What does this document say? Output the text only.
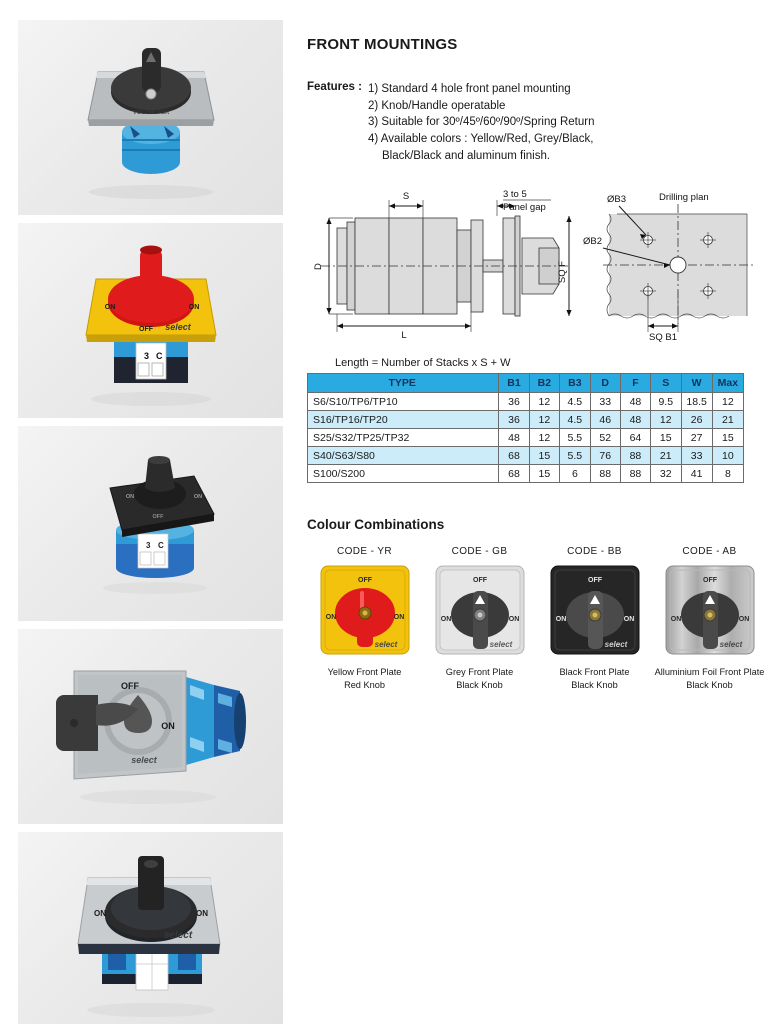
VOLTMETER
3 C
ON	ON
OFF select
3 C
ON	ON
OFF
OFF
ON
select
ON	ON
select
FRONT MOUNTINGS
Features : 1) Standard 4 hole front panel mounting
2) Knob/Handle operatable
3) Suitable for 30º/45º/60º/90º/Spring Return
4) Available colors : Yellow/Red, Grey/Black,
Black/Black and aluminum finish.
D
S	3 to 5
Panel gap
SQ F
L
ØB3
ØB2
Drilling plan
SQ B1
Length = Number of Stacks x S + W
TYPE	B1	B2	B3	D	F	S	W	Max
S6/S10/TP6/TP10	36	12	4.5	33	48	9.5	18.5	12
S16/TP16/TP20	36	12	4.5	46	48	12	26	21
S25/S32/TP25/TP32	48	12	5.5	52	64	15	27	15
S40/S63/S80	68	15	5.5	76	88	21	33	10
S100/S200	68	15	6	88	88	32	41	8
Colour Combinations
CODE - YR
OFF
ON	ON
select
Yellow Front Plate
Red Knob
CODE - GB
OFF
ON	ON
select
Grey Front Plate
Black Knob
CODE - BB
OFF
ON	ON
select
Black Front Plate
Black Knob
CODE - AB
OFF
ON	ON
select
Alluminium Foil Front Plate
Black Knob
